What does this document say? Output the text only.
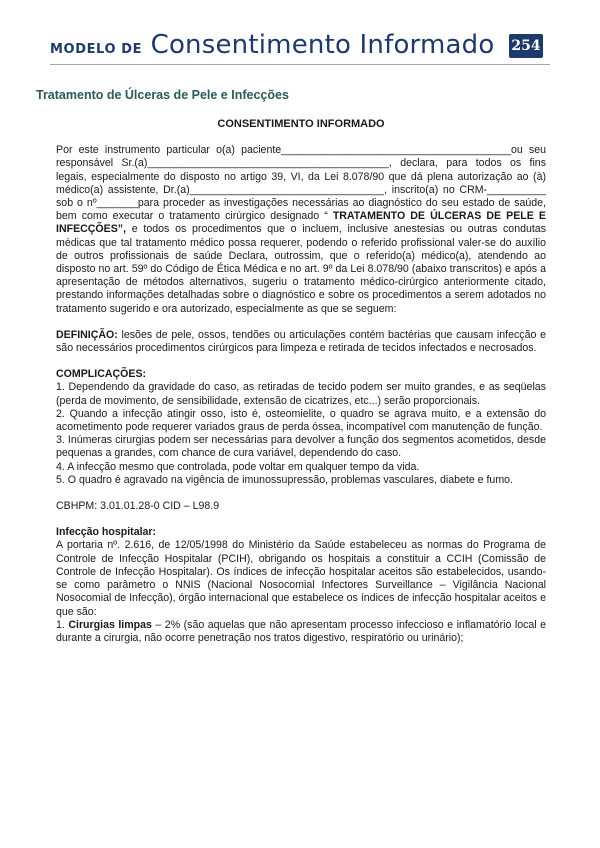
MODELO DE Consentimento Informado 254
Tratamento de Úlceras de Pele e Infecções
CONSENTIMENTO INFORMADO

Por este instrumento particular o(a) paciente_______________________________________ou seu responsável Sr.(a)_________________________________________, declara, para todos os fins legais, especialmente do disposto no artigo 39, VI, da Lei 8.078/90 que dá plena autorização ao (à) médico(a) assistente, Dr.(a)_________________________________, inscrito(a) no CRM-__________ sob o nº_______para proceder as investigações necessárias ao diagnóstico do seu estado de saúde, bem como executar o tratamento cirúrgico designado “ TRATAMENTO DE ÚLCERAS DE PELE E INFECÇÕES”, e todos os procedimentos que o incluem, inclusive anestesias ou outras condutas médicas que tal tratamento médico possa requerer, podendo o referido profissional valer-se do auxílio de outros profissionais de saúde Declara, outrossim, que o referido(a) médico(a), atendendo ao disposto no art. 59º do Código de Ética Médica e no art. 9º da Lei 8.078/90 (abaixo transcritos) e após a apresentação de métodos alternativos, sugeriu o tratamento médico-cirúrgico anteriormente citado, prestando informações detalhadas sobre o diagnóstico e sobre os procedimentos a serem adotados no tratamento sugerido e ora autorizado, especialmente as que se seguem:

DEFINIÇÃO: lesões de pele, ossos, tendões ou articulações contém bactérias que causam infecção e são necessários procedimentos cirúrgicos para limpeza e retirada de tecidos infectados e necrosados.

COMPLICAÇÕES:

1. Dependendo da gravidade do caso, as retiradas de tecido podem ser muito grandes, e as seqüelas (perda de movimento, de sensibilidade, extensão de cicatrizes, etc...) serão proporcionais.

2. Quando a infecção atingir osso, isto é, osteomielite, o quadro se agrava muito, e a extensão do acometimento pode requerer variados graus de perda óssea, incompatível com manutenção de função.

3. Inúmeras cirurgias podem ser necessárias para devolver a função dos segmentos acometidos, desde pequenas a grandes, com chance de cura variável, dependendo do caso.

4. A infecção mesmo que controlada, pode voltar em qualquer tempo da vida.

5. O quadro é agravado na vigência de imunossupressão, problemas vasculares, diabete e fumo.

CBHPM: 3.01.01.28-0 CID – L98.9

Infecção hospitalar:

A portaria nº. 2.616, de 12/05/1998 do Ministério da Saúde estabeleceu as normas do Programa de Controle de Infecção Hospitalar (PCIH), obrigando os hospitais a constituir a CCIH (Comissão de Controle de Infecção Hospitalar). Os índices de infecção hospitalar aceitos são estabelecidos, usando-se como parâmetro o NNIS (Nacional Nosocomial Infectores Surveillance – Vigilância Nacional Nosocomial de Infecção), órgão internacional que estabelece os índices de infecção hospitalar aceitos e que são:

1. Cirurgias limpas – 2% (são aquelas que não apresentam processo infeccioso e inflamatório local e durante a cirurgia, não ocorre penetração nos tratos digestivo, respiratório ou urinário);
